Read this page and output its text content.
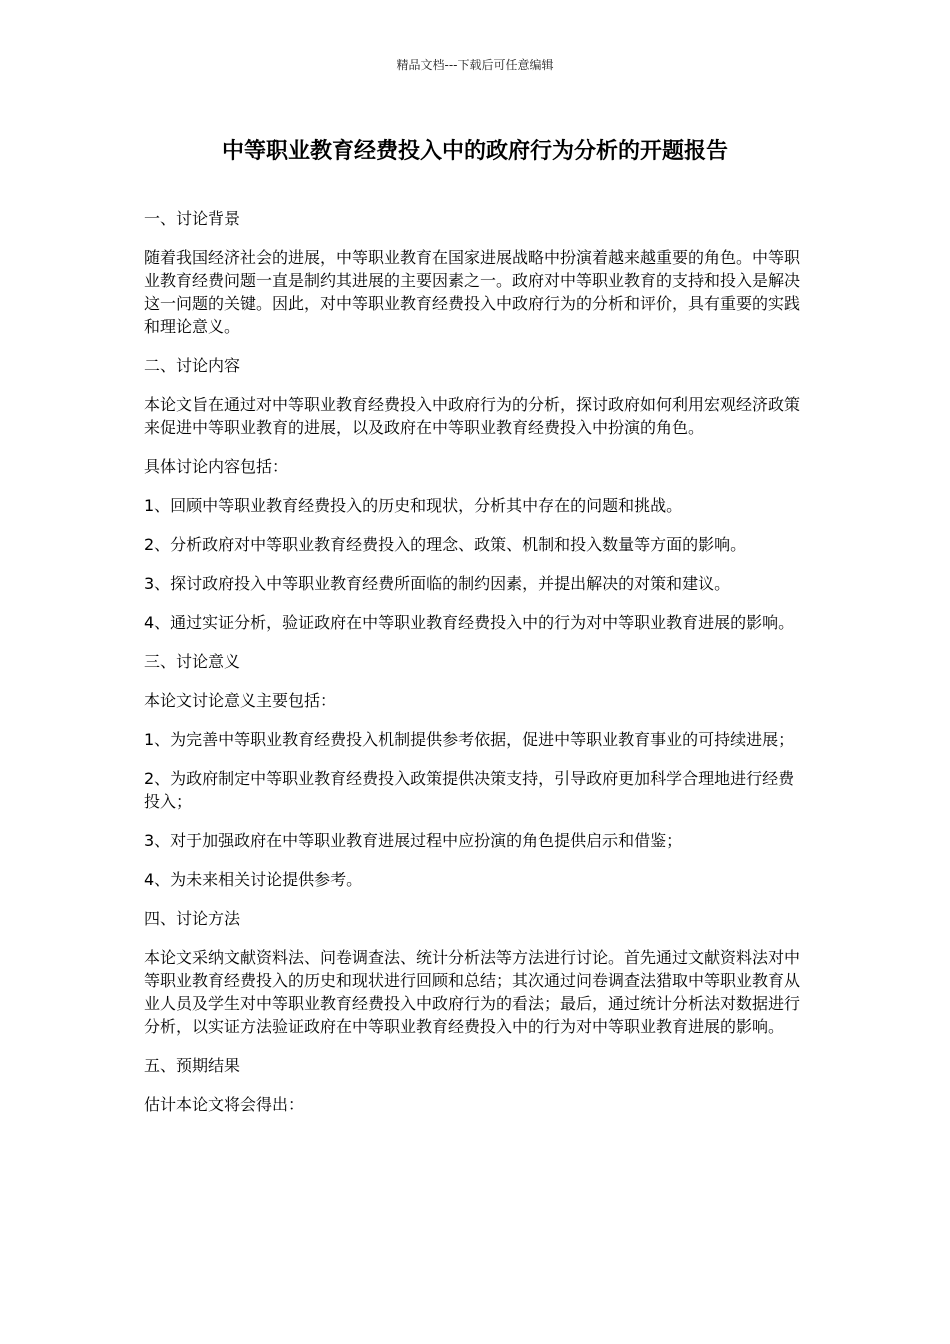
精品文档---下载后可任意编辑
中等职业教育经费投入中的政府行为分析的开题报告

一、讨论背景

随着我国经济社会的进展，中等职业教育在国家进展战略中扮演着越来越重要的角色。中等职业教育经费问题一直是制约其进展的主要因素之一。政府对中等职业教育的支持和投入是解决这一问题的关键。因此，对中等职业教育经费投入中政府行为的分析和评价，具有重要的实践和理论意义。

二、讨论内容

本论文旨在通过对中等职业教育经费投入中政府行为的分析，探讨政府如何利用宏观经济政策来促进中等职业教育的进展，以及政府在中等职业教育经费投入中扮演的角色。

具体讨论内容包括：

1、回顾中等职业教育经费投入的历史和现状，分析其中存在的问题和挑战。

2、分析政府对中等职业教育经费投入的理念、政策、机制和投入数量等方面的影响。

3、探讨政府投入中等职业教育经费所面临的制约因素，并提出解决的对策和建议。

4、通过实证分析，验证政府在中等职业教育经费投入中的行为对中等职业教育进展的影响。

三、讨论意义

本论文讨论意义主要包括：

1、为完善中等职业教育经费投入机制提供参考依据，促进中等职业教育事业的可持续进展；

2、为政府制定中等职业教育经费投入政策提供决策支持，引导政府更加科学合理地进行经费投入；

3、对于加强政府在中等职业教育进展过程中应扮演的角色提供启示和借鉴；

4、为未来相关讨论提供参考。

四、讨论方法

本论文采纳文献资料法、问卷调查法、统计分析法等方法进行讨论。首先通过文献资料法对中等职业教育经费投入的历史和现状进行回顾和总结；其次通过问卷调查法猎取中等职业教育从业人员及学生对中等职业教育经费投入中政府行为的看法；最后，通过统计分析法对数据进行分析，以实证方法验证政府在中等职业教育经费投入中的行为对中等职业教育进展的影响。

五、预期结果

估计本论文将会得出：
